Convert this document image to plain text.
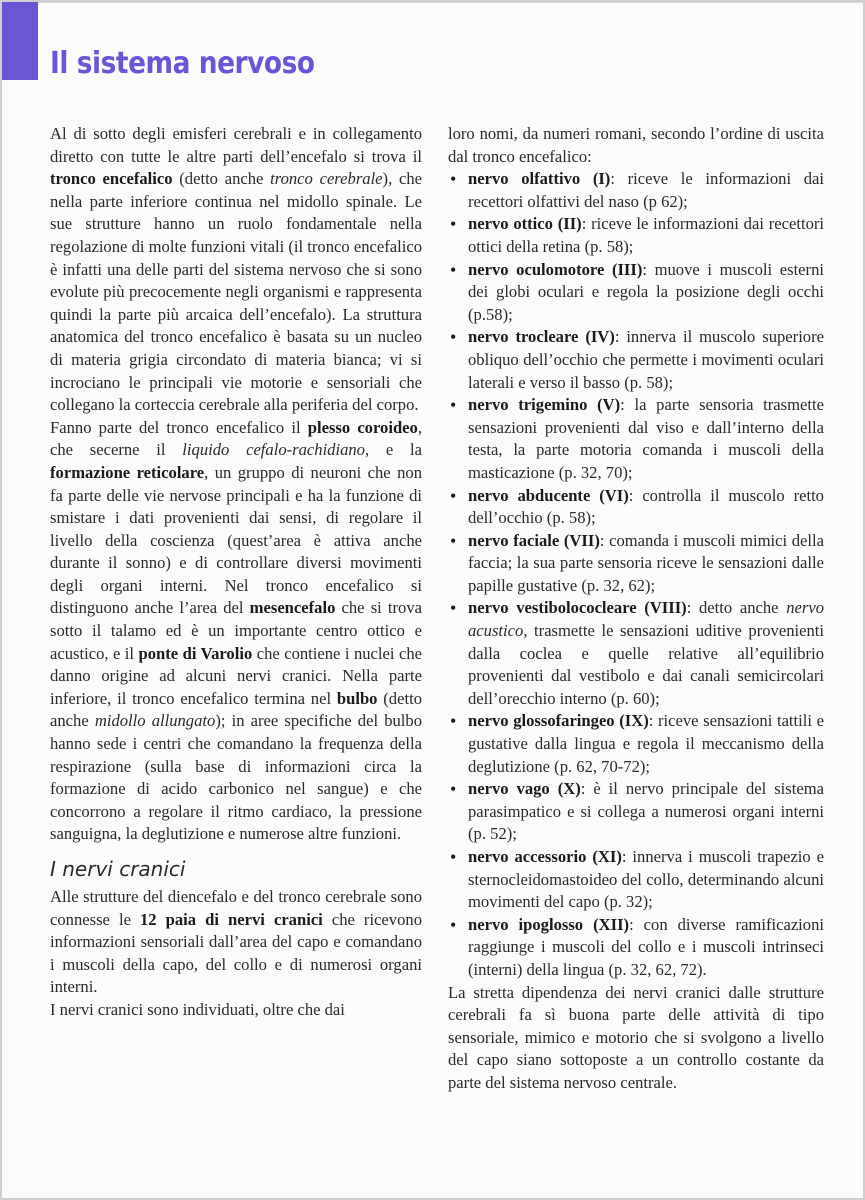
Il sistema nervoso

Al di sotto degli emisferi cerebrali e in collegamento diretto con tutte le altre parti dell’encefalo si trova il tronco encefalico (detto anche tronco cerebrale), che nella parte inferiore continua nel midollo spinale. Le sue strutture hanno un ruolo fondamentale nella regolazione di molte funzioni vitali (il tronco encefalico è infatti una delle parti del sistema nervoso che si sono evolute più precocemente negli organismi e rappresenta quindi la parte più arcaica dell’encefalo). La struttura anatomica del tronco encefalico è basata su un nucleo di materia grigia circondato di materia bianca; vi si incrociano le principali vie motorie e sensoriali che collegano la corteccia cerebrale alla periferia del corpo.

Fanno parte del tronco encefalico il plesso coroideo, che secerne il liquido cefalo-rachidiano, e la formazione reticolare, un gruppo di neuroni che non fa parte delle vie nervose principali e ha la funzione di smistare i dati provenienti dai sensi, di regolare il livello della coscienza (quest’area è attiva anche durante il sonno) e di controllare diversi movimenti degli organi interni. Nel tronco encefalico si distinguono anche l’area del mesencefalo che si trova sotto il talamo ed è un importante centro ottico e acustico, e il ponte di Varolio che contiene i nuclei che danno origine ad alcuni nervi cranici. Nella parte inferiore, il tronco encefalico termina nel bulbo (detto anche midollo allungato); in aree specifiche del bulbo hanno sede i centri che comandano la frequenza della respirazione (sulla base di informazioni circa la formazione di acido carbonico nel sangue) e che concorrono a regolare il ritmo cardiaco, la pressione sanguigna, la deglutizione e numerose altre funzioni.

I nervi cranici

Alle strutture del diencefalo e del tronco cerebrale sono connesse le 12 paia di nervi cranici che ricevono informazioni sensoriali dall’area del capo e comandano i muscoli della capo, del collo e di numerosi organi interni.

I nervi cranici sono individuati, oltre che dai

loro nomi, da numeri romani, secondo l’ordine di uscita dal tronco encefalico:

• nervo olfattivo (I): riceve le informazioni dai recettori olfattivi del naso (p 62);
• nervo ottico (II): riceve le informazioni dai recettori ottici della retina (p. 58);
• nervo oculomotore (III): muove i muscoli esterni dei globi oculari e regola la posizione degli occhi (p.58);
• nervo trocleare (IV): innerva il muscolo superiore obliquo dell’occhio che permette i movimenti oculari laterali e verso il basso (p. 58);
• nervo trigemino (V): la parte sensoria trasmette sensazioni provenienti dal viso e dall’interno della testa, la parte motoria comanda i muscoli della masticazione (p. 32, 70);
• nervo abducente (VI): controlla il muscolo retto dell’occhio (p. 58);
• nervo faciale (VII): comanda i muscoli mimici della faccia; la sua parte sensoria riceve le sensazioni dalle papille gustative (p. 32, 62);
• nervo vestibolococleare (VIII): detto anche nervo acustico, trasmette le sensazioni uditive provenienti dalla coclea e quelle relative all’equilibrio provenienti dal vestibolo e dai canali semicircolari dell’orecchio interno (p. 60);
• nervo glossofaringeo (IX): riceve sensazioni tattili e gustative dalla lingua e regola il meccanismo della deglutizione (p. 62, 70-72);
• nervo vago (X): è il nervo principale del sistema parasimpatico e si collega a numerosi organi interni (p. 52);
• nervo accessorio (XI): innerva i muscoli trapezio e sternocleidomastoideo del collo, determinando alcuni movimenti del capo (p. 32);
• nervo ipoglosso (XII): con diverse ramificazioni raggiunge i muscoli del collo e i muscoli intrinseci (interni) della lingua (p. 32, 62, 72).

La stretta dipendenza dei nervi cranici dalle strutture cerebrali fa sì buona parte delle attività di tipo sensoriale, mimico e motorio che si svolgono a livello del capo siano sottoposte a un controllo costante da parte del sistema nervoso centrale.
